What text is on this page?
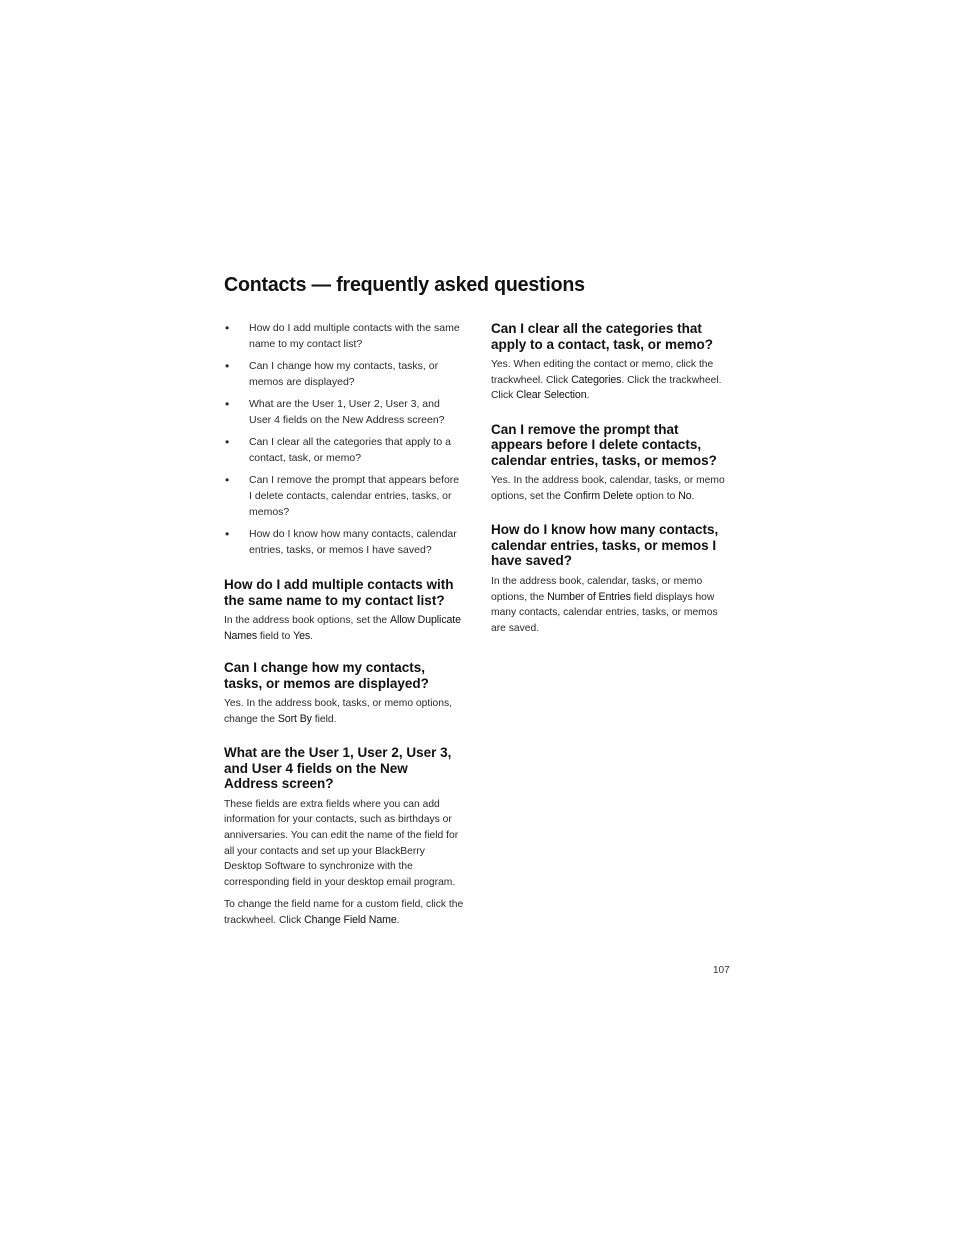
Contacts — frequently asked questions
• How do I add multiple contacts with the same name to my contact list?
• Can I change how my contacts, tasks, or memos are displayed?
• What are the User 1, User 2, User 3, and User 4 fields on the New Address screen?
• Can I clear all the categories that apply to a contact, task, or memo?
• Can I remove the prompt that appears before I delete contacts, calendar entries, tasks, or memos?
• How do I know how many contacts, calendar entries, tasks, or memos I have saved?
How do I add multiple contacts with the same name to my contact list?

In the address book options, set the Allow Duplicate Names field to Yes.

Can I change how my contacts, tasks, or memos are displayed?

Yes. In the address book, tasks, or memo options, change the Sort By field.

What are the User 1, User 2, User 3, and User 4 fields on the New Address screen?

These fields are extra fields where you can add information for your contacts, such as birthdays or anniversaries. You can edit the name of the field for all your contacts and set up your BlackBerry Desktop Software to synchronize with the corresponding field in your desktop email program.

To change the field name for a custom field, click the trackwheel. Click Change Field Name.

Can I clear all the categories that apply to a contact, task, or memo?

Yes. When editing the contact or memo, click the trackwheel. Click Categories. Click the trackwheel. Click Clear Selection.

Can I remove the prompt that appears before I delete contacts, calendar entries, tasks, or memos?

Yes. In the address book, calendar, tasks, or memo options, set the Confirm Delete option to No.

How do I know how many contacts, calendar entries, tasks, or memos I have saved?

In the address book, calendar, tasks, or memo options, the Number of Entries field displays how many contacts, calendar entries, tasks, or memos are saved.

107
